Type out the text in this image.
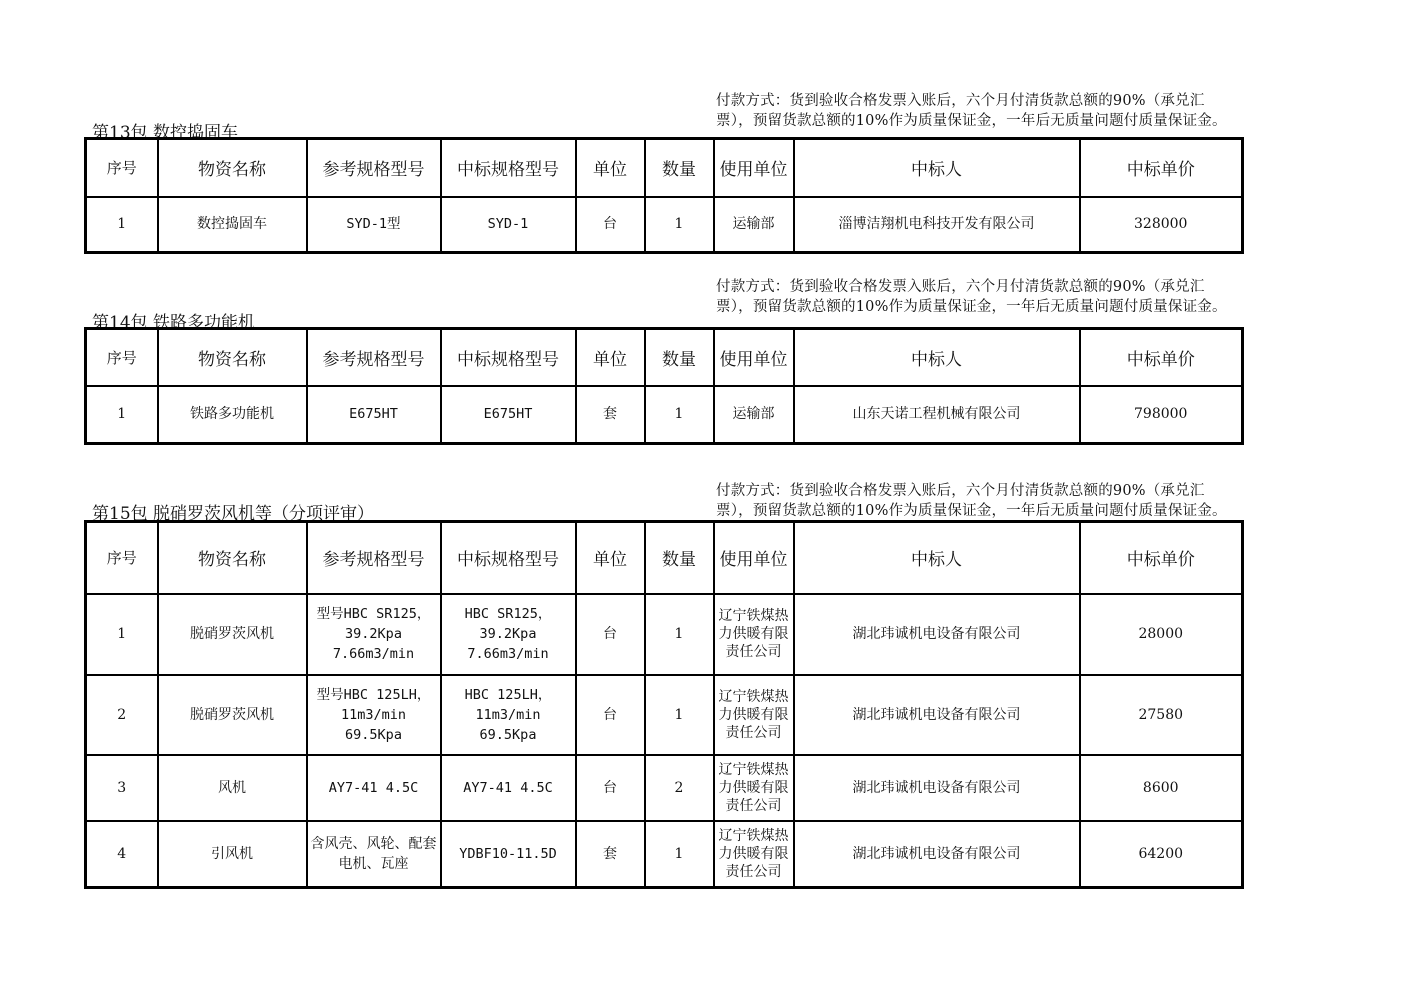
第13包 数控捣固车
付款方式：货到验收合格发票入账后，六个月付清货款总额的90%（承兑汇票），预留货款总额的10%作为质量保证金，一年后无质量问题付质量保证金。
序号	物资名称	参考规格型号	中标规格型号	单位	数量	使用单位	中标人	中标单价
1	数控捣固车	SYD-1型	SYD-1	台	1	运输部	淄博洁翔机电科技开发有限公司	328000
第14包 铁路多功能机
付款方式：货到验收合格发票入账后，六个月付清货款总额的90%（承兑汇票），预留货款总额的10%作为质量保证金，一年后无质量问题付质量保证金。
序号	物资名称	参考规格型号	中标规格型号	单位	数量	使用单位	中标人	中标单价
1	铁路多功能机	E675HT	E675HT	套	1	运输部	山东天诺工程机械有限公司	798000
第15包 脱硝罗茨风机等（分项评审）
付款方式：货到验收合格发票入账后，六个月付清货款总额的90%（承兑汇票），预留货款总额的10%作为质量保证金，一年后无质量问题付质量保证金。
序号	物资名称	参考规格型号	中标规格型号	单位	数量	使用单位	中标人	中标单价
1	脱硝罗茨风机	型号HBC SR125，39.2Kpa 7.66m3/min	HBC SR125，39.2Kpa 7.66m3/min	台	1	辽宁铁煤热力供暖有限责任公司	湖北玮诚机电设备有限公司	28000
2	脱硝罗茨风机	型号HBC 125LH，11m3/min 69.5Kpa	HBC 125LH，11m3/min 69.5Kpa	台	1	辽宁铁煤热力供暖有限责任公司	湖北玮诚机电设备有限公司	27580
3	风机	AY7-41 4.5C	AY7-41 4.5C	台	2	辽宁铁煤热力供暖有限责任公司	湖北玮诚机电设备有限公司	8600
4	引风机	含风壳、风轮、配套电机、瓦座	YDBF10-11.5D	套	1	辽宁铁煤热力供暖有限责任公司	湖北玮诚机电设备有限公司	64200
